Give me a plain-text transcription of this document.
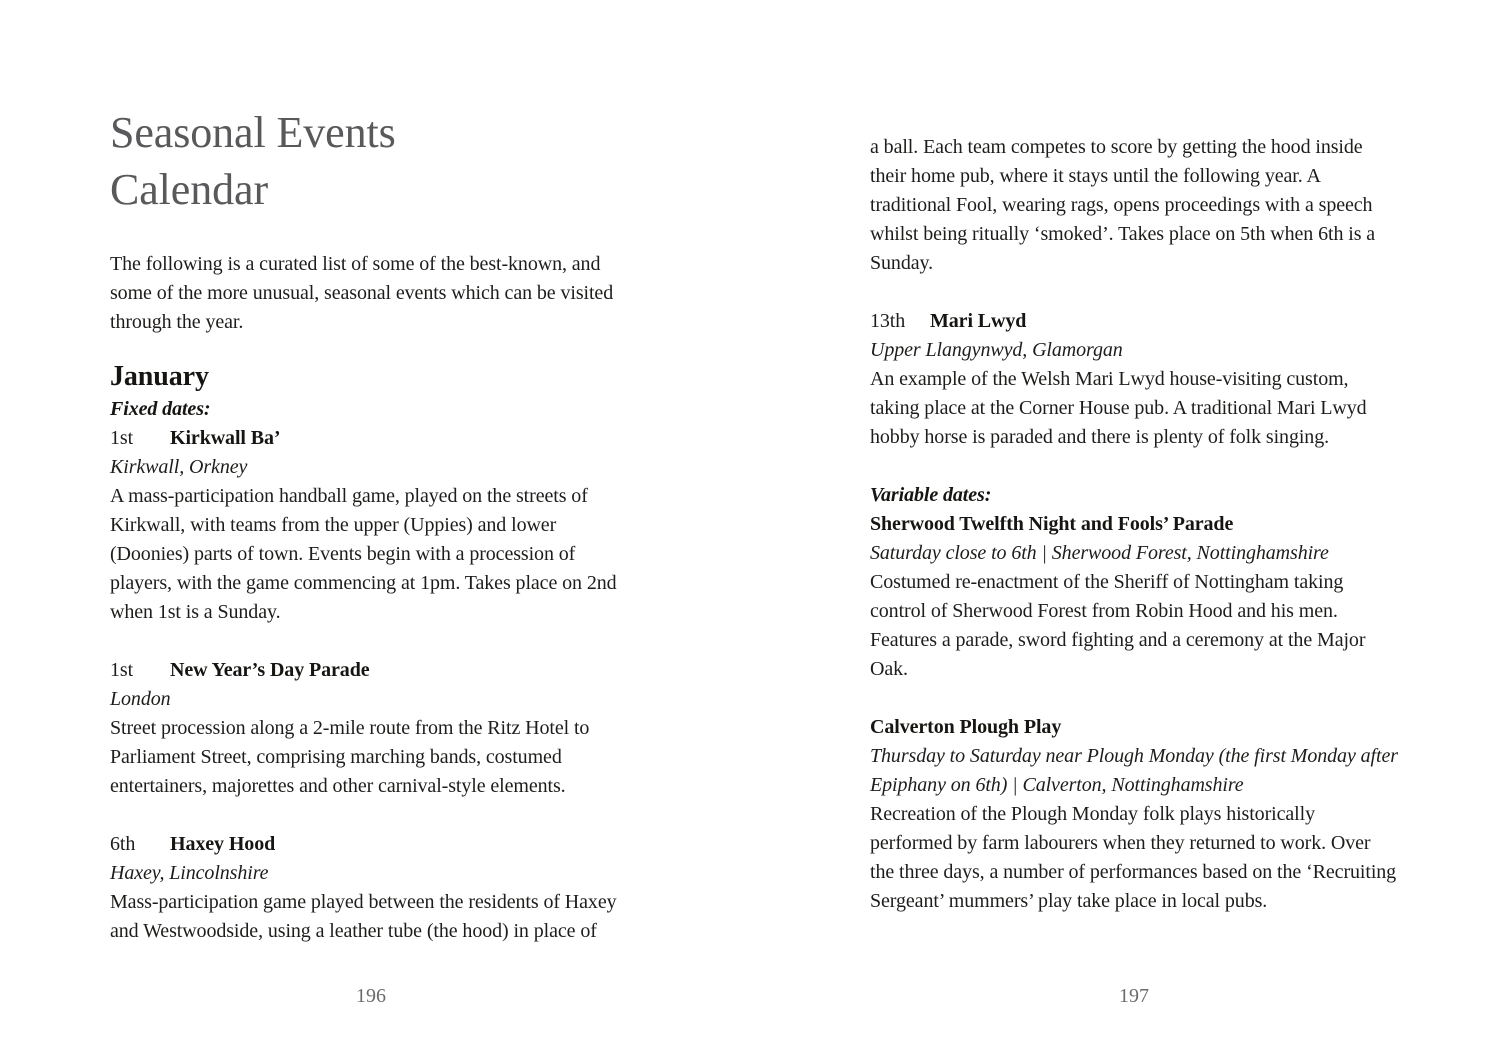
Seasonal Events
Calendar

The following is a curated list of some of the best-known, and some of the more unusual, seasonal events which can be visited through the year.

January
Fixed dates:
1st Kirkwall Ba’
Kirkwall, Orkney
A mass-participation handball game, played on the streets of Kirkwall, with teams from the upper (Uppies) and lower (Doonies) parts of town. Events begin with a procession of players, with the game commencing at 1pm. Takes place on 2nd when 1st is a Sunday.
1st New Year’s Day Parade
London
Street procession along a 2-mile route from the Ritz Hotel to Parliament Street, comprising marching bands, costumed entertainers, majorettes and other carnival-style elements.
6th Haxey Hood
Haxey, Lincolnshire
Mass-participation game played between the residents of Haxey and Westwoodside, using a leather tube (the hood) in place of

a ball. Each team competes to score by getting the hood inside their home pub, where it stays until the following year. A traditional Fool, wearing rags, opens proceedings with a speech whilst being ritually ‘smoked’. Takes place on 5th when 6th is a Sunday.

13th Mari Lwyd
Upper Llangynwyd, Glamorgan
An example of the Welsh Mari Lwyd house-visiting custom, taking place at the Corner House pub. A traditional Mari Lwyd hobby horse is paraded and there is plenty of folk singing.
Variable dates:
Sherwood Twelfth Night and Fools’ Parade
Saturday close to 6th | Sherwood Forest, Nottinghamshire
Costumed re-enactment of the Sheriff of Nottingham taking control of Sherwood Forest from Robin Hood and his men. Features a parade, sword fighting and a ceremony at the Major Oak.
Calverton Plough Play
Thursday to Saturday near Plough Monday (the first Monday after Epiphany on 6th) | Calverton, Nottinghamshire
Recreation of the Plough Monday folk plays historically performed by farm labourers when they returned to work. Over the three days, a number of performances based on the ‘Recruiting Sergeant’ mummers’ play take place in local pubs.
196	197
